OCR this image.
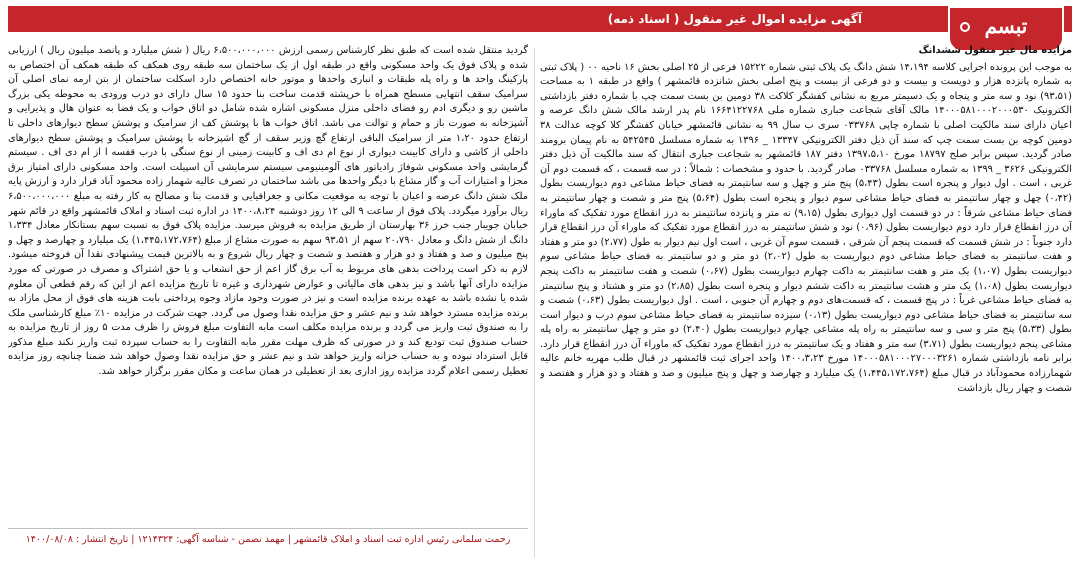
آگهی مزایده اموال غیر منقول ( اسناد ذمه)	تبسم

مزایده مال غیر منقول ششدانگ
به موجب این پرونده اجرایی کلاسه ۱۴،۱۹۴ شش دانگ یک پلاک ثبتی شماره ۱۵۲۲۲ فرعی از ۲۵ اصلی بخش ۱۶ ناحیه ۰۰ ( پلاک ثبتی به شماره پانزده هزار و دویست و بیست و دو فرعی از بیست و پنج اصلی بخش شانزده قائمشهر ) واقع در طبقه ۱ به مساحت (۹۳،۵۱) نود و سه متر و پنجاه و یک دسیمتر مربع به نشانی کفشگر کلاکت ۳۸ دومین بن بست سمت چپ با شماره دفتر بازداشتی الکترونیک ۱۴۰۰۰۵۸۱۰۰۰۲۰۰۰۵۳۰ مالک آقای شجاعت جباری شماره ملی ۱۶۶۴۱۲۲۷۶۸ نام پدر ارشد مالک شش دانگ عرصه و اعیان دارای سند مالکیت اصلی با شماره چاپی ۰۳۳۷۶۸ سری ب سال ۹۹ به نشانی قائمشهر خیابان کفشگر کلا کوچه عدالت ۳۸ دومین کوچه بن بست سمت چپ که سند آن ذیل دفتر الکترونیکی ۱۳۳۴۷ _ ۱۳۹۶ به شماره مسلسل ۵۴۲۵۴۵ به نام پیمان برومند صادر گردید. سپس برابر صلح ۱۸۷۹۷ مورخ ۱۳۹۷،۵،۱۰ دفتر ۱۸۷ قائمشهر به شجاعت جباری انتقال که سند مالکیت آن ذیل دفتر الکترونیکی ۳۶۲۶ _ ۱۳۹۹ به شماره مسلسل ۰۳۳۷۶۸ صادر گردید. با حدود و مشخصات : شمالاً : در سه قسمت ، که قسمت دوم آن غربی ، است . اول دیوار و پنجره است بطول (۵،۴۳) پنج متر و چهل و سه سانتیمتر به فضای حیاط مشاعی دوم دیواریست بطول (۰،۴۲) چهل و چهار سانتیمتر به فضای حیاط مشاعی سوم دیوار و پنجره است بطول (۵،۶۴) پنج متر و شصت و چهار سانتیمتر به فضای حیاط مشاعی شرقاً : در دو قسمت اول دیواری بطول (۹،۱۵) نه متر و پانزده سانتیمتر به درز انقطاع مورد تفکیک که ماوراء آن درز انقطاع قرار دارد دوم دیواریست بطول (۰،۹۶) نود و شش سانتیمتر به درز انقطاع مورد تفکیک که ماوراء آن درز انقطاع قرار دارد جنوباً : در شش قسمت که قسمت پنجم آن شرقی ، قسمت سوم آن غربی ، است اول نیم دیوار به طول (۲،۷۷) دو متر و هفتاد و هفت سانتیمتر به فضای حیاط مشاعی دوم دیواریست به طول (۲،۰۲) دو متر و دو سانتیمتر به فضای حیاط مشاعی سوم دیواریست بطول (۱،۰۷) یک متر و هفت سانتیمتر به داکت چهارم دیواریست بطول (۰،۶۷) شصت و هفت سانتیمتر به داکت پنجم دیواریست بطول (۱،۰۸) یک متر و هشت سانتیمتر به داکت ششم دیوار و پنجره است بطول (۲،۸۵) دو متر و هشتاد و پنج سانتیمتر به فضای حیاط مشاعی غرباً : در پنج قسمت ، که قسمت‌های دوم و چهارم آن جنوبی ، است . اول دیواریست بطول (۰،۶۳) شصت و سه سانتیمتر به فضای حیاط مشاعی دوم دیواریست بطول (۰،۱۳) سیزده سانتیمتر به فضای حیاط مشاعی سوم درب و دیوار است بطول (۵،۳۳) پنج متر و سی و سه سانتیمتر به راه پله مشاعی چهارم دیواریست بطول (۲،۴۰) دو متر و چهل سانتیمتر به راه پله مشاعی پنجم دیواریست بطول (۳،۷۱) سه متر و هفتاد و یک سانتیمتر به درز انقطاع مورد تفکیک که ماوراء آن درز انقطاع قرار دارد. برابر نامه بازداشتی شماره ۱۴۰۰۰۵۸۱۰۰۰۲۷۰۰۰۳۲۶۱ مورخ ۱۴۰۰،۳،۲۳ واحد اجرای ثبت قائمشهر در قبال طلب مهریه خانم عالیه شهمارزاده محمودآباد در قبال مبلغ (۱،۴۴۵،۱۷۲،۷۶۴) یک میلیارد و چهارصد و چهل و پنج میلیون و صد و هفتاد و دو هزار و هفتصد و شصت و چهار ریال بازداشت

گردید منتقل شده است که طبق نظر کارشناس رسمی ارزش ۶،۵۰۰،۰۰۰،۰۰۰ ریال ( شش میلیارد و پانصد میلیون ریال ) ارزیابی شده و پلاک فوق یک واحد مسکونی واقع در طبقه اول از یک ساختمان سه طبقه روی همکف که طبقه همکف آن اختصاص به پارکینگ واحد ها و راه پله طبقات و انباری واحدها و موتور خانه اختصاص دارد اسکلت ساختمان از بتن ارمه نمای اصلی آن سرامیک سقف انتهایی مسطح همراه با خرپشته قدمت ساخت بنا حدود ۱۵ سال دارای دو درب ورودی به محوطه یکی بزرگ ماشین رو و دیگری ادم رو فضای داخلی منزل مسکونی اشاره شده شامل دو اتاق خواب و یک فضا به عنوان هال و پذیرایی و آشپزخانه به صورت باز و حمام و توالت می باشد. اتاق خواب ها با پوشش کف از سرامیک و پوشش سطح دیوارهای داخلی تا ارتفاع حدود ۱،۲۰ متر از سرامیک الباقی ارتفاع گچ وزیر سقف از گچ اشپزخانه با پوشش سرامیک و پوشش سطح دیوارهای داخلی از کاشی و دارای کابینت دیواری از نوع ام دی اف و کابینت زمینی از نوع سنگی با درب قفسه ا از ام دی اف . سیستم گرمایشی واحد مسکونی شوفاژ رادیاتور های آلومینیومی سیستم سرمایشی آن اسپیلت است. واحد مسکونی دارای امتیاز برق مجزا و امتیازات آب و گاز مشاع با دیگر واحدها می باشد ساختمان در تصرف عالیه شهمار زاده محمود آباد قرار دارد و ارزش پایه ملک شش دانگ عرصه و اعیان با توجه به موقعیت مکانی و جغرافیایی و قدمت بنا و مصالح به کار رفته به مبلغ ۶،۵۰۰،۰۰۰،۰۰۰ ریال برآورد میگردد. پلاک فوق از ساعت ۹ الی ۱۲ روز دوشنبه ۱۴۰۰،۸،۲۴ در اداره ثبت اسناد و املاک قائمشهر واقع در قائم شهر خیابان جویبار جنب خرز ۳۶ بهارستان از طریق مزایده به فروش میرسد. مزایده پلاک فوق به نسبت سهم بستانکار معادل ۱،۳۳۴ دانگ از شش دانگ و معادل ۲۰،۷۹۰ سهم از ۹۳،۵۱ سهم به صورت مشاع از مبلغ (۱،۴۴۵،۱۷۲،۷۶۴) یک میلیارد و چهارصد و چهل و پنج میلیون و صد و هفتاد و دو هزار و هفتصد و شصت و چهار ریال شروع و به بالاترین قیمت پیشنهادی نقدا آن فروخته میشود. لازم به ذکر است پرداخت بدهی های مربوط به آب برق گاز اعم از حق انشعاب و یا حق اشتراک و مصرف در صورتی که مورد مزایده دارای آنها باشد و نیز بدهی های مالیاتی و عوارض شهرداری و غیره تا تاریخ مزایده اعم از این که رقم قطعی آن معلوم شده یا نشده باشد به عهده برنده مزایده است و نیز در صورت وجود مازاد وجوه پرداختی بابت هزینه های فوق از محل مازاد به برنده مزایده مسترد خواهد شد و نیم عشر و حق مزایده نقدا وصول می گردد. جهت شرکت در مزایده ۱۰٪ مبلغ کارشناسی ملک را به صندوق ثبت واریز می گردد و برنده مزایده مکلف است مابه التفاوت مبلغ فروش را ظرف مدت ۵ روز از تاریخ مزایده به حساب صندوق ثبت تودیع کند و در صورتی که ظرف مهلت مقرر مابه التفاوت را به حساب سپرده ثبت واریز نکند مبلغ مذکور قابل استرداد نبوده و به حساب خزانه واریز خواهد شد و نیم عشر و حق مزایده نقدا وصول خواهد شد ضمنا چنانچه روز مزایده تعطیل رسمی اعلام گردد مزایده روز اداری بعد از تعطیلی در همان ساعت و مکان مقرر برگزار خواهد شد.

رحمت سلمانی رئیس اداره ثبت اسناد و املاک قائمشهر | مهمد نصمن - شناسه آگهی: ۱۲۱۴۳۲۴ | تاریخ انتشار : ۱۴۰۰/۰۸/۰۸
